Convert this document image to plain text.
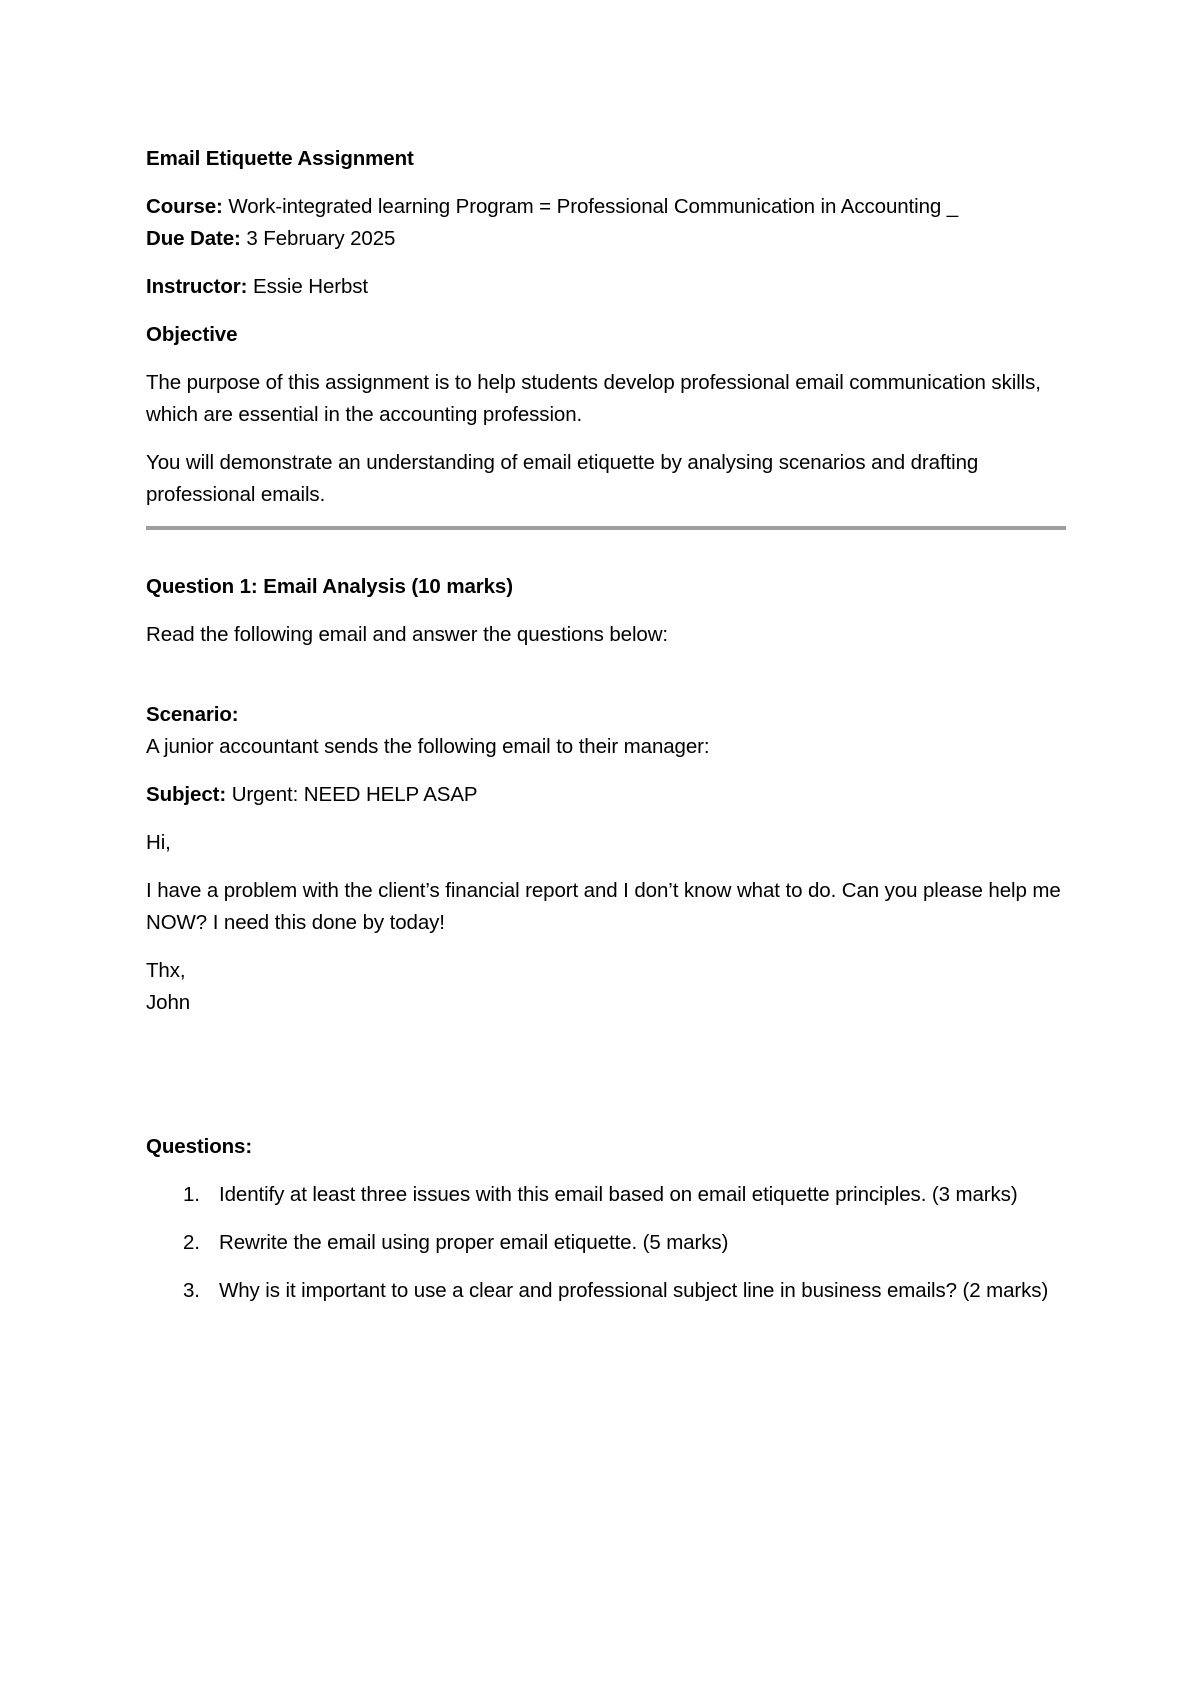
Email Etiquette Assignment

Course: Work-integrated learning Program = Professional Communication in Accounting _

Due Date: 3 February 2025

Instructor: Essie Herbst

Objective

The purpose of this assignment is to help students develop professional email communication skills, which are essential in the accounting profession.

You will demonstrate an understanding of email etiquette by analysing scenarios and drafting professional emails.

Question 1: Email Analysis (10 marks)

Read the following email and answer the questions below:

Scenario:

A junior accountant sends the following email to their manager:

Subject: Urgent: NEED HELP ASAP

Hi,

I have a problem with the client’s financial report and I don’t know what to do. Can you please help me NOW? I need this done by today!

Thx,

John

Questions:

1. Identify at least three issues with this email based on email etiquette principles. (3 marks)
2. Rewrite the email using proper email etiquette. (5 marks)
3. Why is it important to use a clear and professional subject line in business emails? (2 marks)
